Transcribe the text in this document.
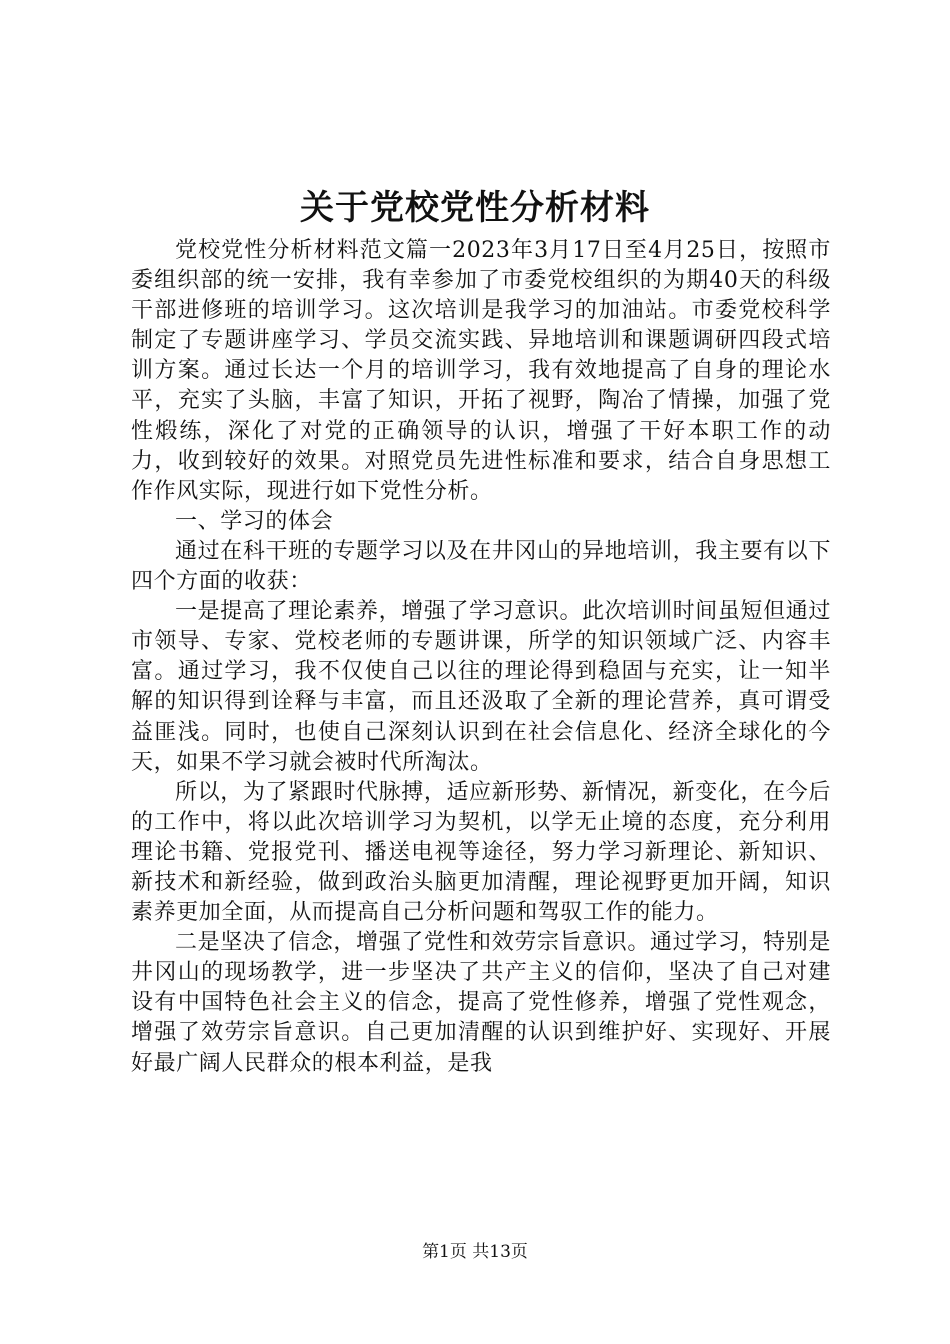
关于党校党性分析材料

党校党性分析材料范文篇一2023年3月17日至4月25日，按照市委组织部的统一安排，我有幸参加了市委党校组织的为期40天的科级干部进修班的培训学习。这次培训是我学习的加油站。市委党校科学制定了专题讲座学习、学员交流实践、异地培训和课题调研四段式培训方案。通过长达一个月的培训学习，我有效地提高了自身的理论水平，充实了头脑，丰富了知识，开拓了视野，陶冶了情操，加强了党性煅练，深化了对党的正确领导的认识，增强了干好本职工作的动力，收到较好的效果。对照党员先进性标准和要求，结合自身思想工作作风实际，现进行如下党性分析。

一、学习的体会

通过在科干班的专题学习以及在井冈山的异地培训，我主要有以下四个方面的收获：

一是提高了理论素养，增强了学习意识。此次培训时间虽短但通过市领导、专家、党校老师的专题讲课，所学的知识领域广泛、内容丰富。通过学习，我不仅使自己以往的理论得到稳固与充实，让一知半解的知识得到诠释与丰富，而且还汲取了全新的理论营养，真可谓受益匪浅。同时，也使自己深刻认识到在社会信息化、经济全球化的今天，如果不学习就会被时代所淘汰。

所以，为了紧跟时代脉搏，适应新形势、新情况，新变化，在今后的工作中，将以此次培训学习为契机，以学无止境的态度，充分利用理论书籍、党报党刊、播送电视等途径，努力学习新理论、新知识、新技术和新经验，做到政治头脑更加清醒，理论视野更加开阔，知识素养更加全面，从而提高自己分析问题和驾驭工作的能力。

二是坚决了信念，增强了党性和效劳宗旨意识。通过学习，特别是井冈山的现场教学，进一步坚决了共产主义的信仰，坚决了自己对建设有中国特色社会主义的信念，提高了党性修养，增强了党性观念，增强了效劳宗旨意识。自己更加清醒的认识到维护好、实现好、开展好最广阔人民群众的根本利益，是我

第1页 共13页
